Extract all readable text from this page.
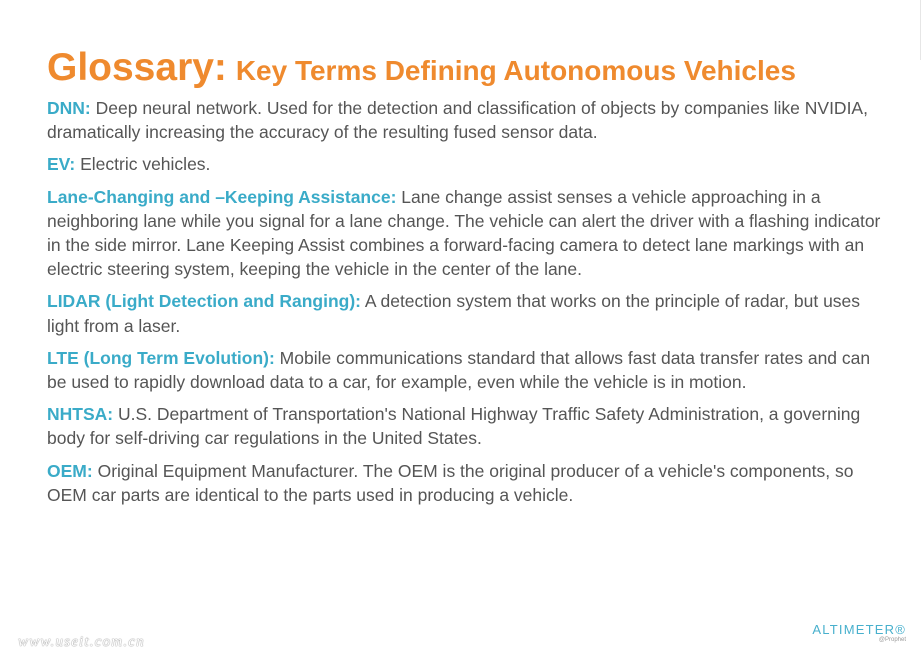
Glossary: Key Terms Defining Autonomous Vehicles
DNN: Deep neural network. Used for the detection and classification of objects by companies like NVIDIA, dramatically increasing the accuracy of the resulting fused sensor data.
EV: Electric vehicles.
Lane-Changing and –Keeping Assistance: Lane change assist senses a vehicle approaching in a neighboring lane while you signal for a lane change. The vehicle can alert the driver with a flashing indicator in the side mirror. Lane Keeping Assist combines a forward-facing camera to detect lane markings with an electric steering system, keeping the vehicle in the center of the lane.
LIDAR (Light Detection and Ranging): A detection system that works on the principle of radar, but uses light from a laser.
LTE (Long Term Evolution): Mobile communications standard that allows fast data transfer rates and can be used to rapidly download data to a car, for example, even while the vehicle is in motion.
NHTSA: U.S. Department of Transportation's National Highway Traffic Safety Administration, a governing body for self-driving car regulations in the United States.
OEM: Original Equipment Manufacturer. The OEM is the original producer of a vehicle's components, so OEM car parts are identical to the parts used in producing a vehicle.
www.useit.com.cn
ALTIMETER®
@Prophet
